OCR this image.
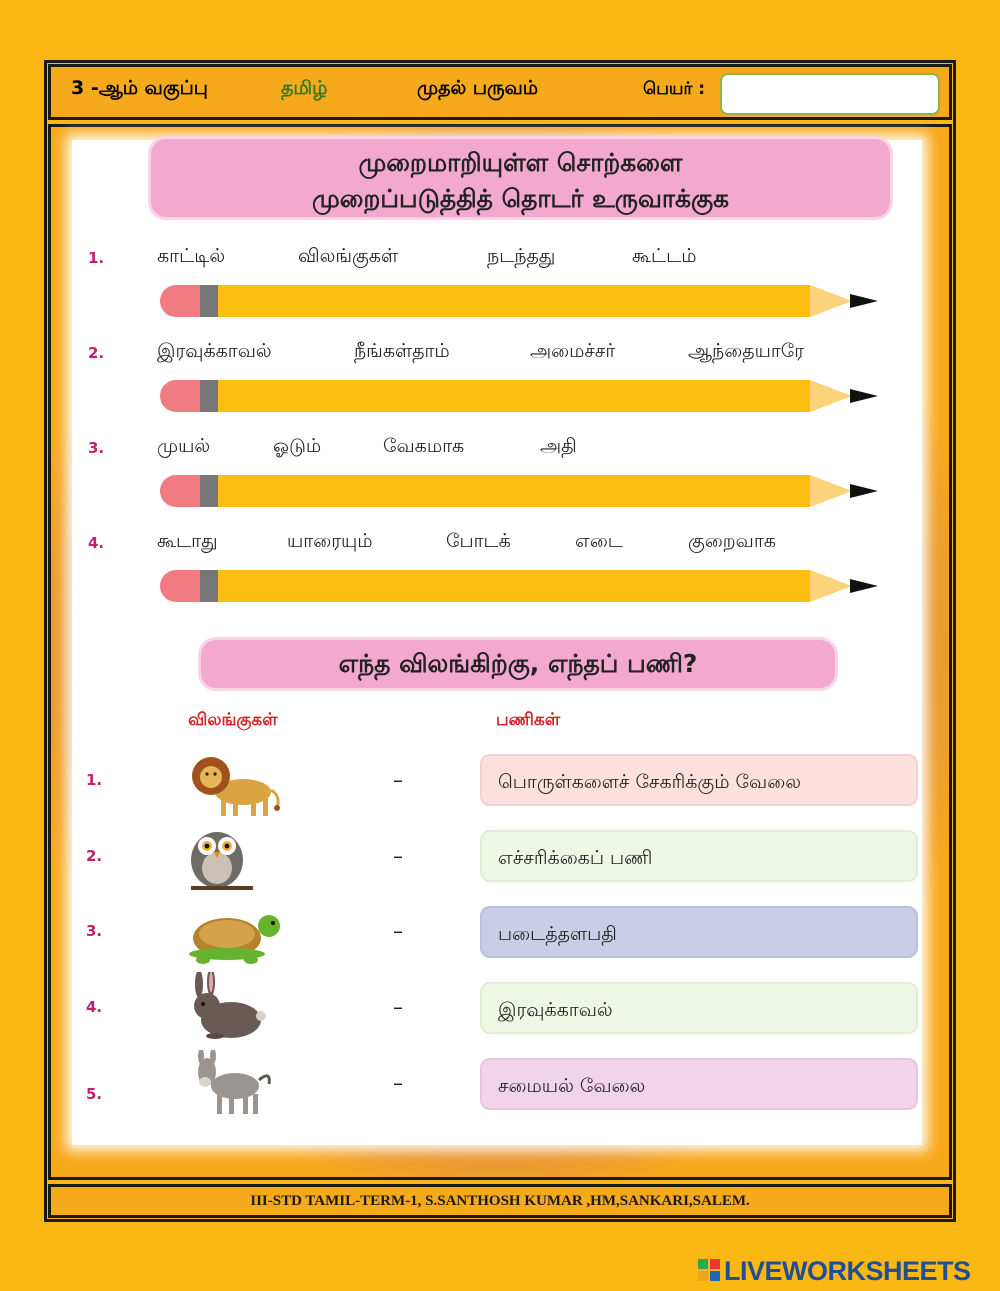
3 -ஆம் வகுப்பு	தமிழ்	முதல் பருவம்	பெயர் :
முறைமாறியுள்ள சொற்களை
முறைப்படுத்தித் தொடர் உருவாக்குக
1.	காட்டில்	விலங்குகள்	நடந்தது	கூட்டம்
2.	இரவுக்காவல்	நீங்கள்தாம்	அமைச்சர்	ஆந்தையாரே
3.	முயல்	ஓடும்	வேகமாக	அதி
4.	கூடாது	யாரையும்	போடக்	எடை	குறைவாக
எந்த விலங்கிற்கு, எந்தப் பணி?
விலங்குகள்	பணிகள்
1.	–	பொருள்களைச் சேகரிக்கும் வேலை
2.	–	எச்சரிக்கைப் பணி
3.	–	படைத்தளபதி
4.	–	இரவுக்காவல்
5.	–	சமையல் வேலை
III-STD TAMIL-TERM-1, S.SANTHOSH KUMAR ,HM,SANKARI,SALEM.
LIVEWORKSHEETS
